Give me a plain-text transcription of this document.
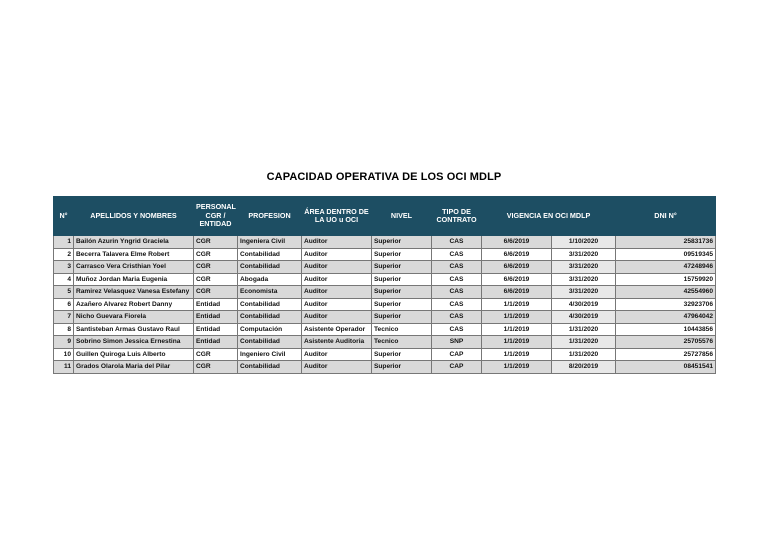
CAPACIDAD OPERATIVA DE LOS OCI MDLP
N°	APELLIDOS Y NOMBRES	PERSONAL CGR / ENTIDAD	PROFESION	ÁREA DENTRO DE LA UO u OCI	NIVEL	TIPO DE CONTRATO	VIGENCIA EN OCI MDLP		DNI N°
1	Bailón Azurin Yngrid Graciela	CGR	Ingeniera Civil	Auditor	Superior	CAS	6/6/2019	1/10/2020	25831736
2	Becerra Talavera Elme Robert	CGR	Contabilidad	Auditor	Superior	CAS	6/6/2019	3/31/2020	09519345
3	Carrasco Vera Cristhian Yoel	CGR	Contabilidad	Auditor	Superior	CAS	6/6/2019	3/31/2020	47248946
4	Muñoz Jordan Maria Eugenia	CGR	Abogada	Auditor	Superior	CAS	6/6/2019	3/31/2020	15759920
5	Ramirez Velasquez Vanesa Estefany	CGR	Economista	Auditor	Superior	CAS	6/6/2019	3/31/2020	42554960
6	Azañero Alvarez Robert Danny	Entidad	Contabilidad	Auditor	Superior	CAS	1/1/2019	4/30/2019	32923706
7	Nicho Guevara Fiorela	Entidad	Contabilidad	Auditor	Superior	CAS	1/1/2019	4/30/2019	47964042
8	Santisteban Armas Gustavo Raul	Entidad	Computación	Asistente Operador	Tecnico	CAS	1/1/2019	1/31/2020	10443856
9	Sobrino Simon Jessica Ernestina	Entidad	Contabilidad	Asistente Auditoria	Tecnico	SNP	1/1/2019	1/31/2020	25705576
10	Guillen Quiroga Luis Alberto	CGR	Ingeniero Civil	Auditor	Superior	CAP	1/1/2019	1/31/2020	25727856
11	Grados Olarola Maria del Pilar	CGR	Contabilidad	Auditor	Superior	CAP	1/1/2019	8/20/2019	08451541
